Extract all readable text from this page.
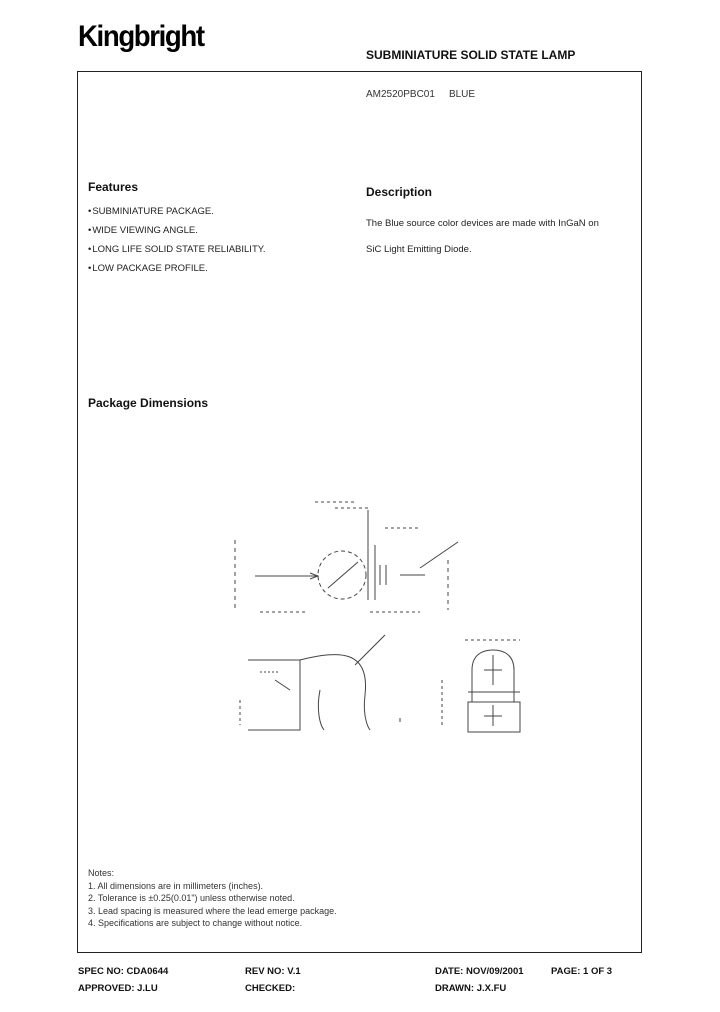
Kingbright
SUBMINIATURE SOLID STATE LAMP
AM2520PBC01 BLUE
Features
• SUBMINIATURE PACKAGE.
• WIDE VIEWING ANGLE.
• LONG LIFE SOLID STATE RELIABILITY.
• LOW PACKAGE PROFILE.
Description
The Blue source color devices are made with InGaN on
SiC Light Emitting Diode.
Package Dimensions
Notes:
1. All dimensions are in millimeters (inches).
2. Tolerance is ±0.25(0.01") unless otherwise noted.
3. Lead spacing is measured where the lead emerge package.
4. Specifications are subject to change without notice.
SPEC NO: CDA0644	REV NO: V.1	DATE: NOV/09/2001	PAGE: 1 OF 3
APPROVED: J.LU	CHECKED:	DRAWN: J.X.FU
